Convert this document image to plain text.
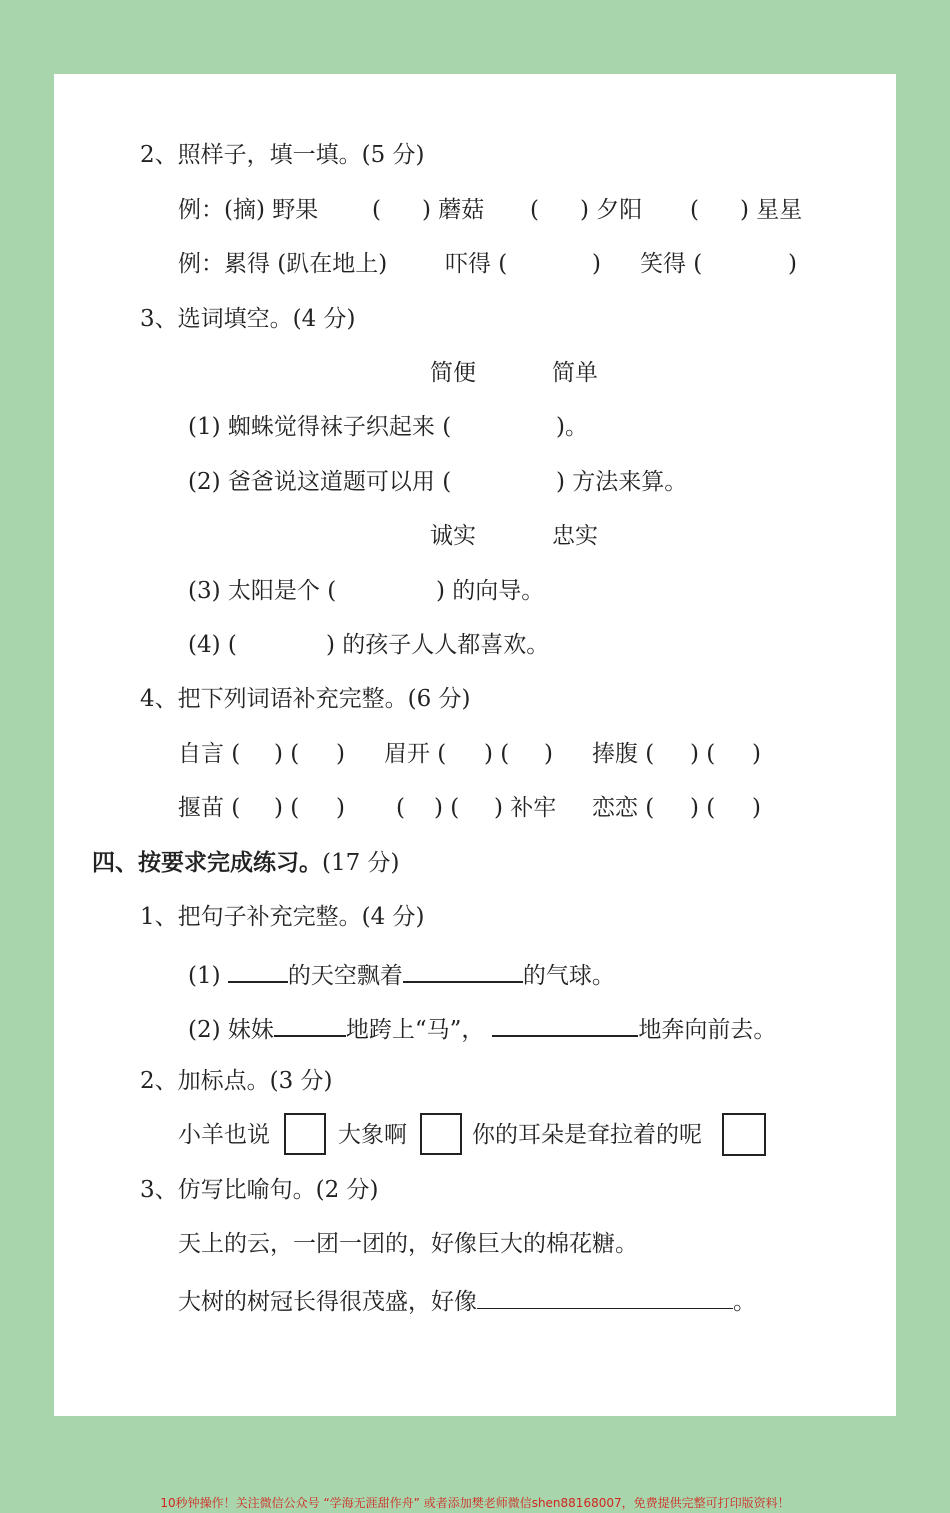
2、照样子，填一填。(5 分)
例：(摘) 野果 ( ) 蘑菇 ( ) 夕阳 ( ) 星星
例：累得 (趴在地上)	吓得 (	) 笑得 (	)
3、选词填空。(4 分)
简便	简单
(1) 蜘蛛觉得袜子织起来 (	)。
(2) 爸爸说这道题可以用 (	) 方法来算。
诚实	忠实
(3) 太阳是个 (	) 的向导。
(4) (	) 的孩子人人都喜欢。
4、把下列词语补充完整。(6 分)
自言 ( ) ( ) 眉开 ( ) ( ) 捧腹 ( ) ( )
揠苗 ( ) ( ) ( ) ( ) 补牢 恋恋 ( ) ( )
四、按要求完成练习。(17 分)
1、把句子补充完整。(4 分)
(1)	的天空飘着	的气球。
(2) 妹妹	地跨上“马”，	地奔向前去。
2、加标点。(3 分)
小羊也说	大象啊	你的耳朵是耷拉着的呢
3、仿写比喻句。(2 分)
天上的云，一团一团的，好像巨大的棉花糖。
大树的树冠长得很茂盛，好像	。
10秒钟操作！关注微信公众号 “学海无涯甜作舟” 或者添加樊老师微信shen88168007，免费提供完整可打印版资料！
